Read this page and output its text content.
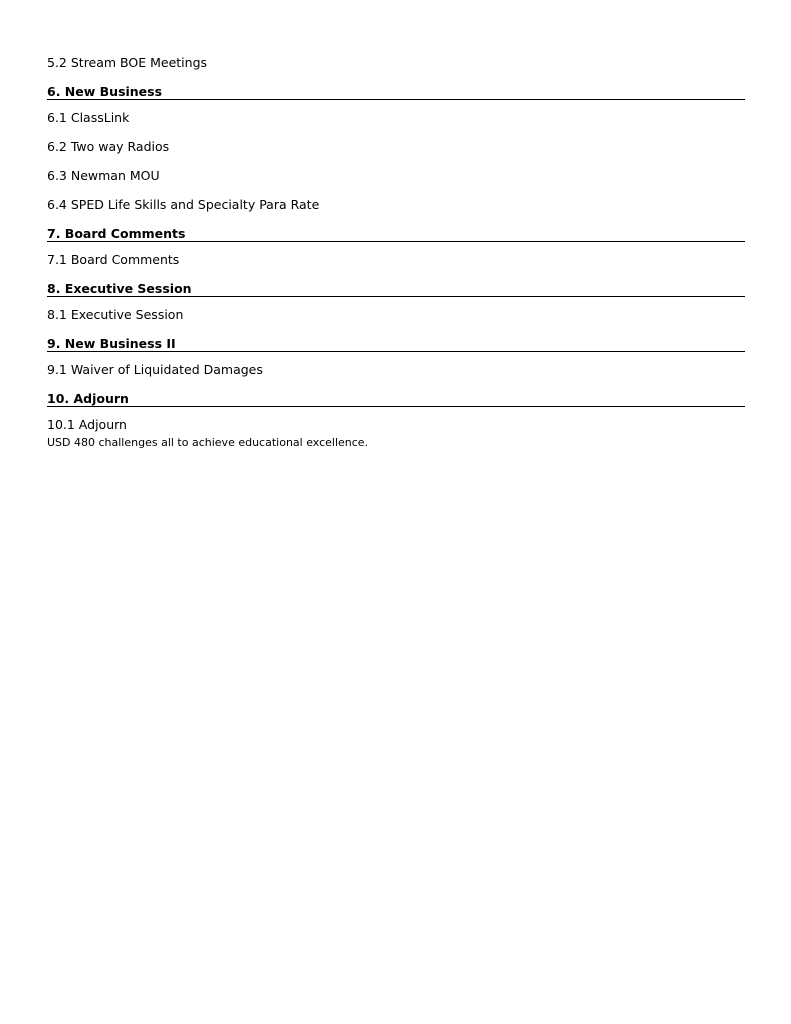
5.2 Stream BOE Meetings
6. New Business
6.1 ClassLink
6.2 Two way Radios
6.3 Newman MOU
6.4 SPED Life Skills and Specialty Para Rate
7. Board Comments
7.1 Board Comments
8. Executive Session
8.1 Executive Session
9. New Business II
9.1 Waiver of Liquidated Damages
10. Adjourn
10.1 Adjourn
USD 480 challenges all to achieve educational excellence.
